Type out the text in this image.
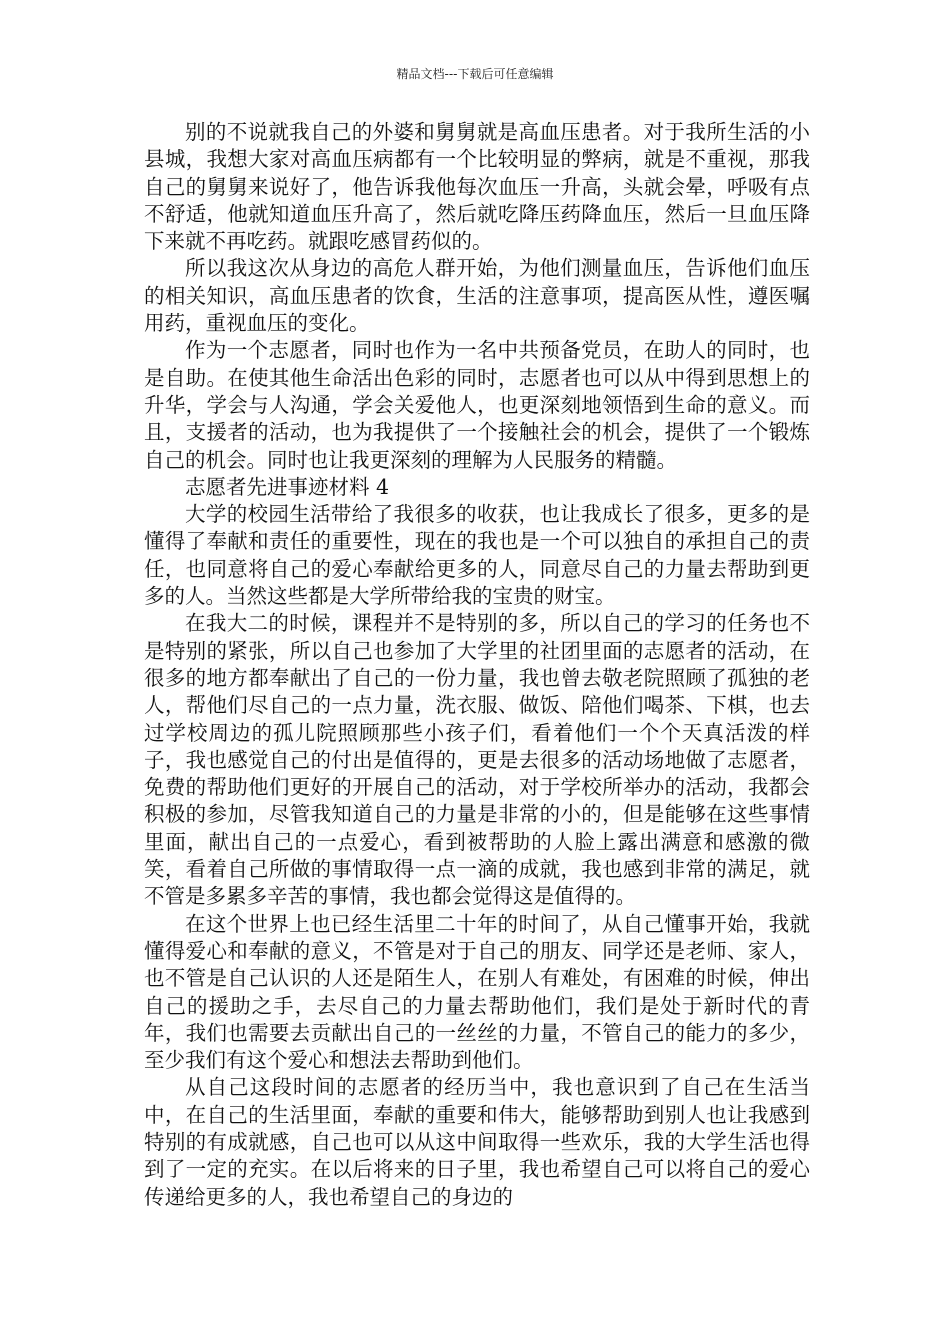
精品文档---下载后可任意编辑

别的不说就我自己的外婆和舅舅就是高血压患者。对于我所生活的小县城，我想大家对高血压病都有一个比较明显的弊病，就是不重视，那我自己的舅舅来说好了，他告诉我他每次血压一升高，头就会晕，呼吸有点不舒适，他就知道血压升高了，然后就吃降压药降血压，然后一旦血压降下来就不再吃药。就跟吃感冒药似的。

所以我这次从身边的高危人群开始，为他们测量血压，告诉他们血压的相关知识，高血压患者的饮食，生活的注意事项，提高医从性，遵医嘱用药，重视血压的变化。

作为一个志愿者，同时也作为一名中共预备党员，在助人的同时，也是自助。在使其他生命活出色彩的同时，志愿者也可以从中得到思想上的升华，学会与人沟通，学会关爱他人，也更深刻地领悟到生命的意义。而且，支援者的活动，也为我提供了一个接触社会的机会，提供了一个锻炼自己的机会。同时也让我更深刻的理解为人民服务的精髓。

志愿者先进事迹材料 4

大学的校园生活带给了我很多的收获，也让我成长了很多，更多的是懂得了奉献和责任的重要性，现在的我也是一个可以独自的承担自己的责任，也同意将自己的爱心奉献给更多的人，同意尽自己的力量去帮助到更多的人。当然这些都是大学所带给我的宝贵的财宝。

在我大二的时候，课程并不是特别的多，所以自己的学习的任务也不是特别的紧张，所以自己也参加了大学里的社团里面的志愿者的活动，在很多的地方都奉献出了自己的一份力量，我也曾去敬老院照顾了孤独的老人，帮他们尽自己的一点力量，洗衣服、做饭、陪他们喝茶、下棋，也去过学校周边的孤儿院照顾那些小孩子们，看着他们一个个天真活泼的样子，我也感觉自己的付出是值得的，更是去很多的活动场地做了志愿者，免费的帮助他们更好的开展自己的活动，对于学校所举办的活动，我都会积极的参加，尽管我知道自己的力量是非常的小的，但是能够在这些事情里面，献出自己的一点爱心，看到被帮助的人脸上露出满意和感激的微笑，看着自己所做的事情取得一点一滴的成就，我也感到非常的满足，就不管是多累多辛苦的事情，我也都会觉得这是值得的。

在这个世界上也已经生活里二十年的时间了，从自己懂事开始，我就懂得爱心和奉献的意义，不管是对于自己的朋友、同学还是老师、家人，也不管是自己认识的人还是陌生人，在别人有难处，有困难的时候，伸出自己的援助之手，去尽自己的力量去帮助他们，我们是处于新时代的青年，我们也需要去贡献出自己的一丝丝的力量，不管自己的能力的多少，至少我们有这个爱心和想法去帮助到他们。

从自己这段时间的志愿者的经历当中，我也意识到了自己在生活当中，在自己的生活里面，奉献的重要和伟大，能够帮助到别人也让我感到特别的有成就感，自己也可以从这中间取得一些欢乐，我的大学生活也得到了一定的充实。在以后将来的日子里，我也希望自己可以将自己的爱心传递给更多的人，我也希望自己的身边的
